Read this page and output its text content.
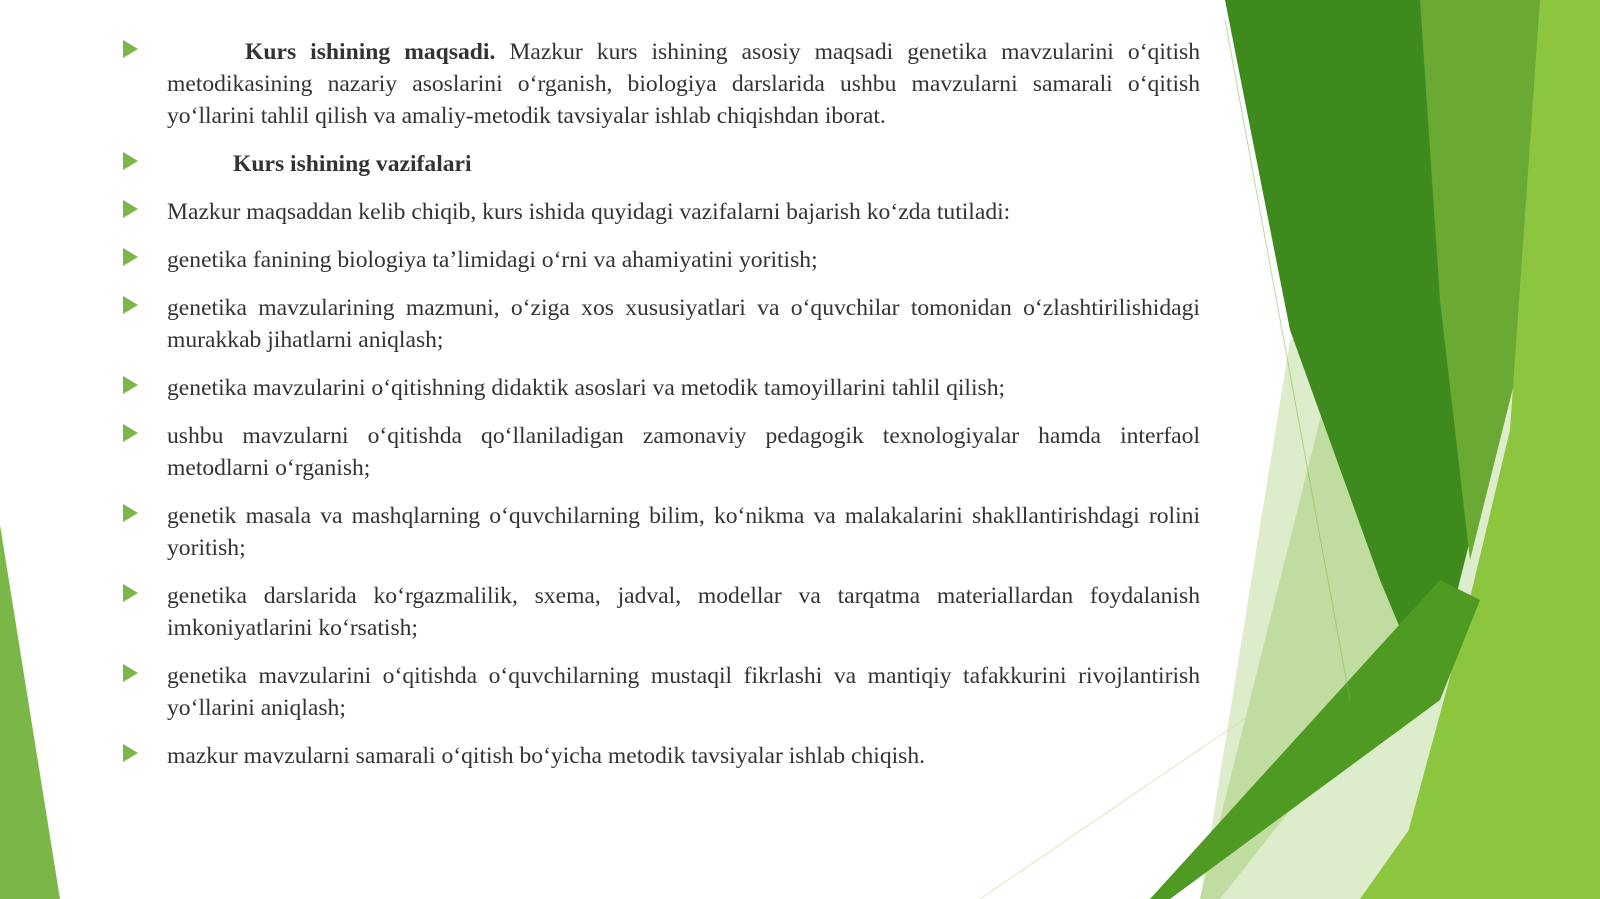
Kurs ishining maqsadi. Mazkur kurs ishining asosiy maqsadi genetika mavzularini o‘qitish metodikasining nazariy asoslarini o‘rganish, biologiya darslarida ushbu mavzularni samarali o‘qitish yo‘llarini tahlil qilish va amaliy-metodik tavsiyalar ishlab chiqishdan iborat.
Kurs ishining vazifalari
Mazkur maqsaddan kelib chiqib, kurs ishida quyidagi vazifalarni bajarish ko‘zda tutiladi:
genetika fanining biologiya ta’limidagi o‘rni va ahamiyatini yoritish;
genetika mavzularining mazmuni, o‘ziga xos xususiyatlari va o‘quvchilar tomonidan o‘zlashtirilishidagi murakkab jihatlarni aniqlash;
genetika mavzularini o‘qitishning didaktik asoslari va metodik tamoyillarini tahlil qilish;
ushbu mavzularni o‘qitishda qo‘llaniladigan zamonaviy pedagogik texnologiyalar hamda interfaol metodlarni o‘rganish;
genetik masala va mashqlarning o‘quvchilarning bilim, ko‘nikma va malakalarini shakllantirishdagi rolini yoritish;
genetika darslarida ko‘rgazmalilik, sxema, jadval, modellar va tarqatma materiallardan foydalanish imkoniyatlarini ko‘rsatish;
genetika mavzularini o‘qitishda o‘quvchilarning mustaqil fikrlashi va mantiqiy tafakkurini rivojlantirish yo‘llarini aniqlash;
mazkur mavzularni samarali o‘qitish bo‘yicha metodik tavsiyalar ishlab chiqish.
